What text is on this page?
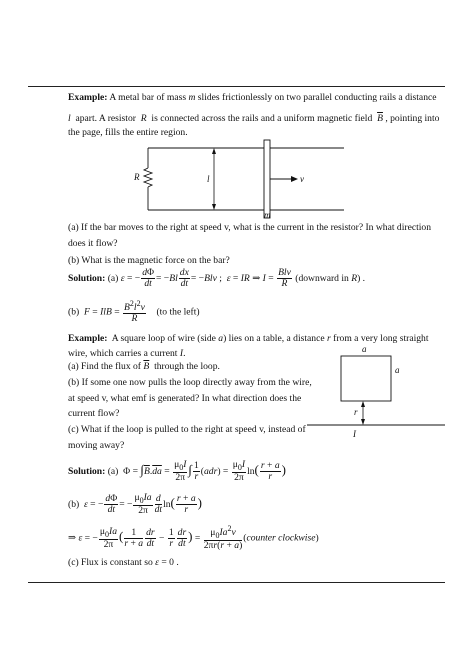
Example: A metal bar of mass m slides frictionlessly on two parallel conducting rails a distance
l  apart. A resistor  R  is connected across the rails and a uniform magnetic field  $\overline{B}$ , pointing into
the page, fills the entire region.
R	l	v
m
(a) If the bar moves to the right at speed v, what is the current in the resistor? In what direction
does it flow?
(b) What is the magnetic force on the bar?
Solution: (a) ε = − $\frac{d\Phi}{dt} = -Bl \frac{dx}{dt} = -Blv$ ;  ε = IR ⇒ $I = \frac{\text{Blv}}{R}$ (downward in R) .
(b)  F = IlB = $\frac{B^2l^2v}{R} (to$ the left)
Example:  A square loop of wire (side a) lies on a table, a distance r from a very long straight
wire, which carries a current I.
(a) Find the flux of $\overline{B}$  through the loop.
(b) If some one now pulls the loop directly away from the wire,
at speed v, what emf is generated? In what direction does the
current flow?
(c) What if the loop is pulled to the right at speed v, instead of
moving away?
a
a
r
I
Solution: (a)  $\Phi = \int\overline{B}.\overline{da} = \frac{\mu_0I}{2\pi}$ ∫ $\frac{1}{r} (adr) = \frac{\mu_0I}{2\pi} \ln( \frac{r + a}{r}$ )
(b)  ε = − $\frac{d\Phi}{dt}$ = − $\frac{\mu_0Ia}{2\pi} \frac{d}{dt} \ln( \frac{r + a}{r}$ )
⇒ ε = − $\frac{\mu_0Ia}{2\pi}$ ( $\frac{1}{r + a} \frac{dr}{dt} - \frac{1}{r} \frac{dr}{dt}$ ) = $\frac{\mu_0Ia^2v}{2\pi r(r + a)}$ (counter clockwise)
(c) Flux is constant so ε = 0 .
